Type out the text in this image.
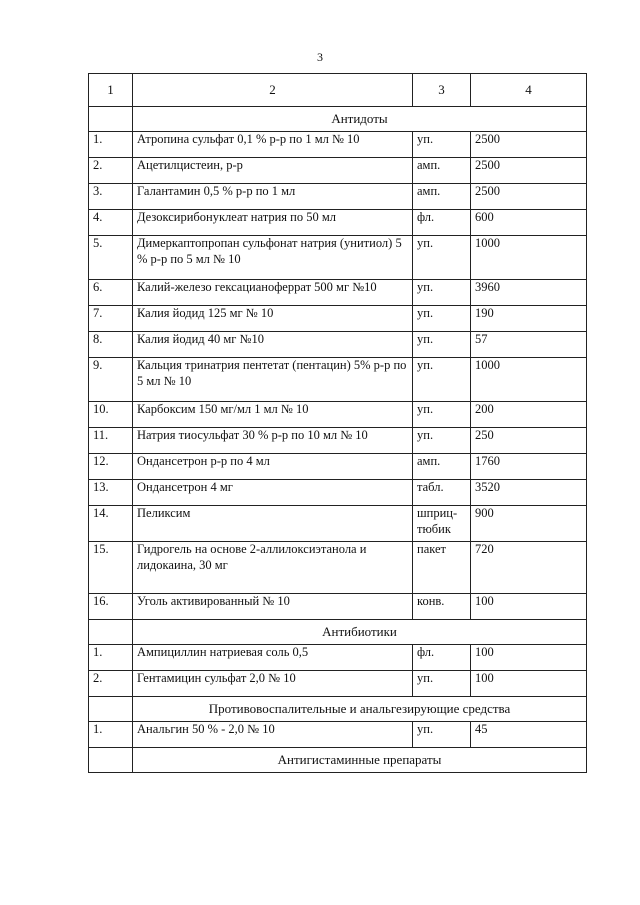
3
1	2	3	4
	Антидоты		
1.	Атропина сульфат 0,1 % р-р по 1 мл № 10	уп.	2500
2.	Ацетилцистеин, р-р	амп.	2500
3.	Галантамин 0,5 % р-р по 1 мл	амп.	2500
4.	Дезоксирибонуклеат натрия по 50 мл	фл.	600
5.	Димеркаптопропан сульфонат натрия (унитиол) 5 % р-р по 5 мл № 10	уп.	1000
6.	Калий-железо гексацианоферрат 500 мг №10	уп.	3960
7.	Калия йодид 125 мг № 10	уп.	190
8.	Калия йодид 40 мг №10	уп.	57
9.	Кальция тринатрия пентетат (пентацин) 5% р-р по 5 мл № 10	уп.	1000
10.	Карбоксим 150 мг/мл 1 мл № 10	уп.	200
11.	Натрия тиосульфат 30 % р-р по 10 мл № 10	уп.	250
12.	Ондансетрон р-р по 4 мл	амп.	1760
13.	Ондансетрон 4 мг	табл.	3520
14.	Пеликсим	шприц-тюбик	900
15.	Гидрогель на основе 2-аллилоксиэтанола и лидокаина, 30 мг	пакет	720
16.	Уголь активированный № 10	конв.	100
	Антибиотики		
1.	Ампициллин натриевая соль 0,5	фл.	100
2.	Гентамицин сульфат 2,0 № 10	уп.	100
	Противовоспалительные и анальгезирующие средства		
1.	Анальгин 50 % - 2,0 № 10	уп.	45
	Антигистаминные препараты		
